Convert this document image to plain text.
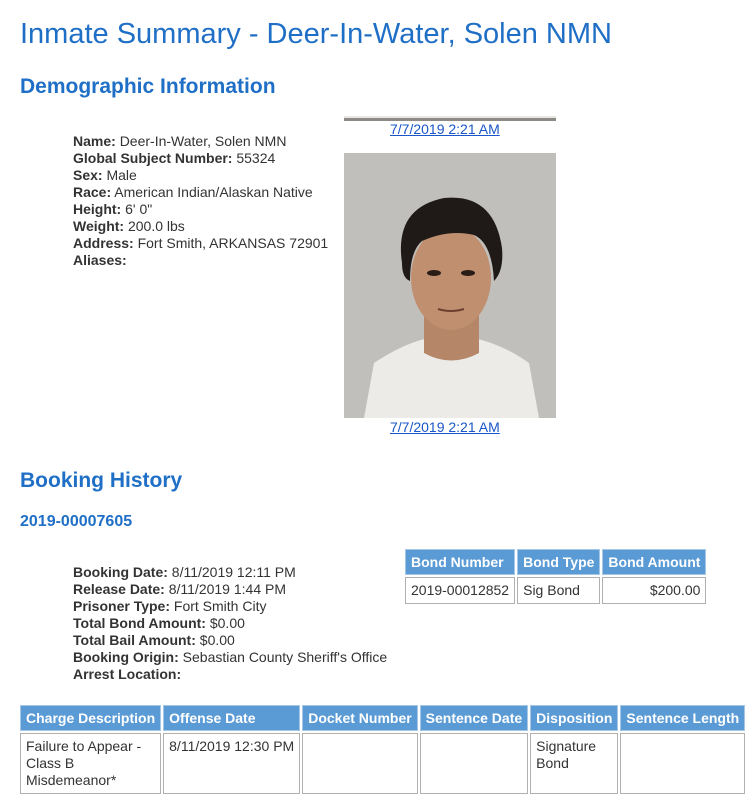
Inmate Summary - Deer-In-Water, Solen NMN
Demographic Information
Name: Deer-In-Water, Solen NMN
Global Subject Number: 55324
Sex: Male
Race: American Indian/Alaskan Native
Height: 6' 0"
Weight: 200.0 lbs
Address: Fort Smith, ARKANSAS 72901
Aliases:
7/7/2019 2:21 AM
7/7/2019 2:21 AM
Booking History
2019-00007605
Booking Date: 8/11/2019 12:11 PM
Release Date: 8/11/2019 1:44 PM
Prisoner Type: Fort Smith City
Total Bond Amount: $0.00
Total Bail Amount: $0.00
Booking Origin: Sebastian County Sheriff's Office
Arrest Location:
Bond Number	Bond Type	Bond Amount
2019-00012852	Sig Bond	$200.00
Charge Description	Offense Date	Docket Number	Sentence Date	Disposition	Sentence Length
Failure to Appear - Class B Misdemeanor*	8/11/2019 12:30 PM			Signature Bond	
